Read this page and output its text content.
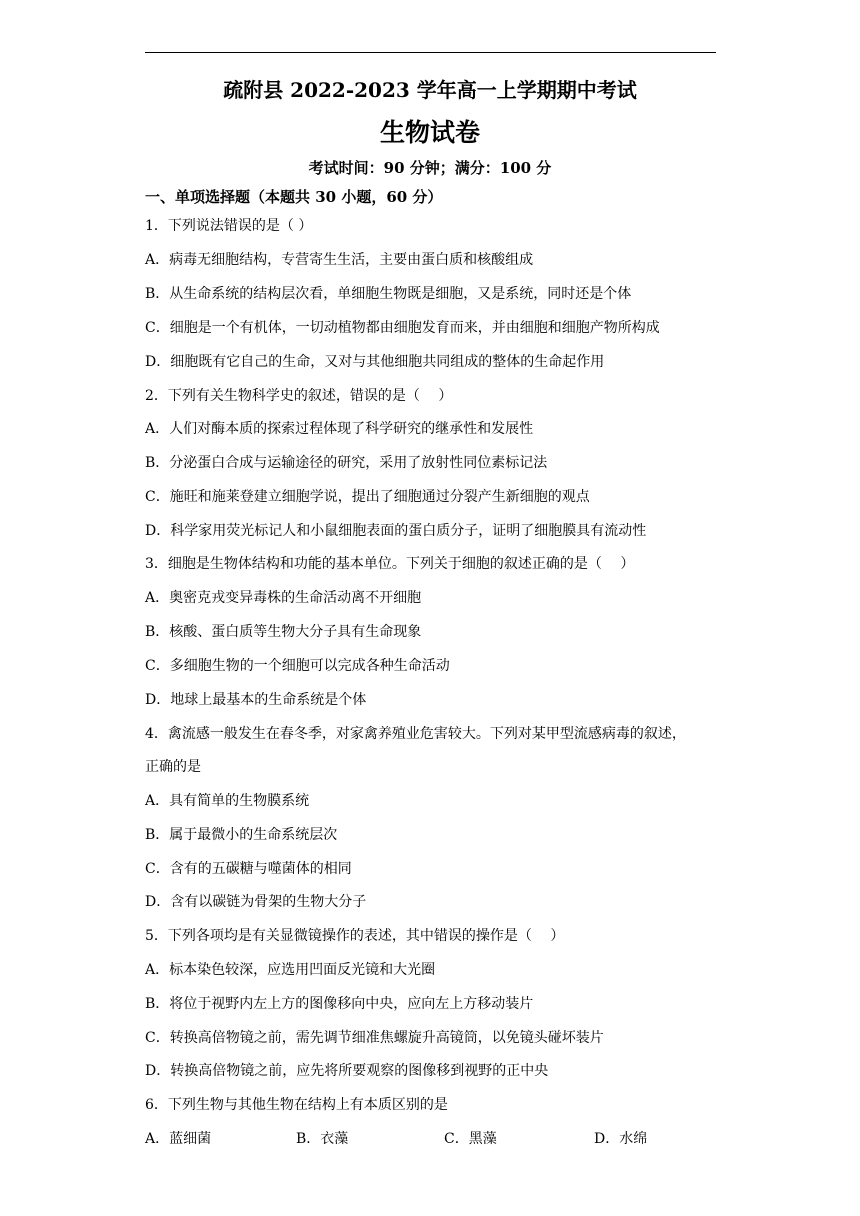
疏附县 2022-2023 学年高一上学期期中考试
生物试卷
考试时间：90 分钟；满分：100 分
一、单项选择题（本题共 30 小题，60 分）
1．下列说法错误的是（ ）
A．病毒无细胞结构，专营寄生生活，主要由蛋白质和核酸组成
B．从生命系统的结构层次看，单细胞生物既是细胞，又是系统，同时还是个体
C．细胞是一个有机体，一切动植物都由细胞发育而来，并由细胞和细胞产物所构成
D．细胞既有它自己的生命，又对与其他细胞共同组成的整体的生命起作用
2．下列有关生物科学史的叙述，错误的是（　 ）
A．人们对酶本质的探索过程体现了科学研究的继承性和发展性
B．分泌蛋白合成与运输途径的研究，采用了放射性同位素标记法
C．施旺和施莱登建立细胞学说，提出了细胞通过分裂产生新细胞的观点
D．科学家用荧光标记人和小鼠细胞表面的蛋白质分子，证明了细胞膜具有流动性
3．细胞是生物体结构和功能的基本单位。下列关于细胞的叙述正确的是（　 ）
A．奥密克戎变异毒株的生命活动离不开细胞
B．核酸、蛋白质等生物大分子具有生命现象
C．多细胞生物的一个细胞可以完成各种生命活动
D．地球上最基本的生命系统是个体
4．禽流感一般发生在春冬季，对家禽养殖业危害较大。下列对某甲型流感病毒的叙述，
正确的是
A．具有简单的生物膜系统
B．属于最微小的生命系统层次
C．含有的五碳糖与噬菌体的相同
D．含有以碳链为骨架的生物大分子
5．下列各项均是有关显微镜操作的表述，其中错误的操作是（　 ）
A．标本染色较深，应选用凹面反光镜和大光圈
B．将位于视野内左上方的图像移向中央，应向左上方移动装片
C．转换高倍物镜之前，需先调节细准焦螺旋升高镜筒，以免镜头碰坏装片
D．转换高倍物镜之前，应先将所要观察的图像移到视野的正中央
6．下列生物与其他生物在结构上有本质区别的是
A．蓝细菌	B．衣藻	C．黑藻	D．水绵
